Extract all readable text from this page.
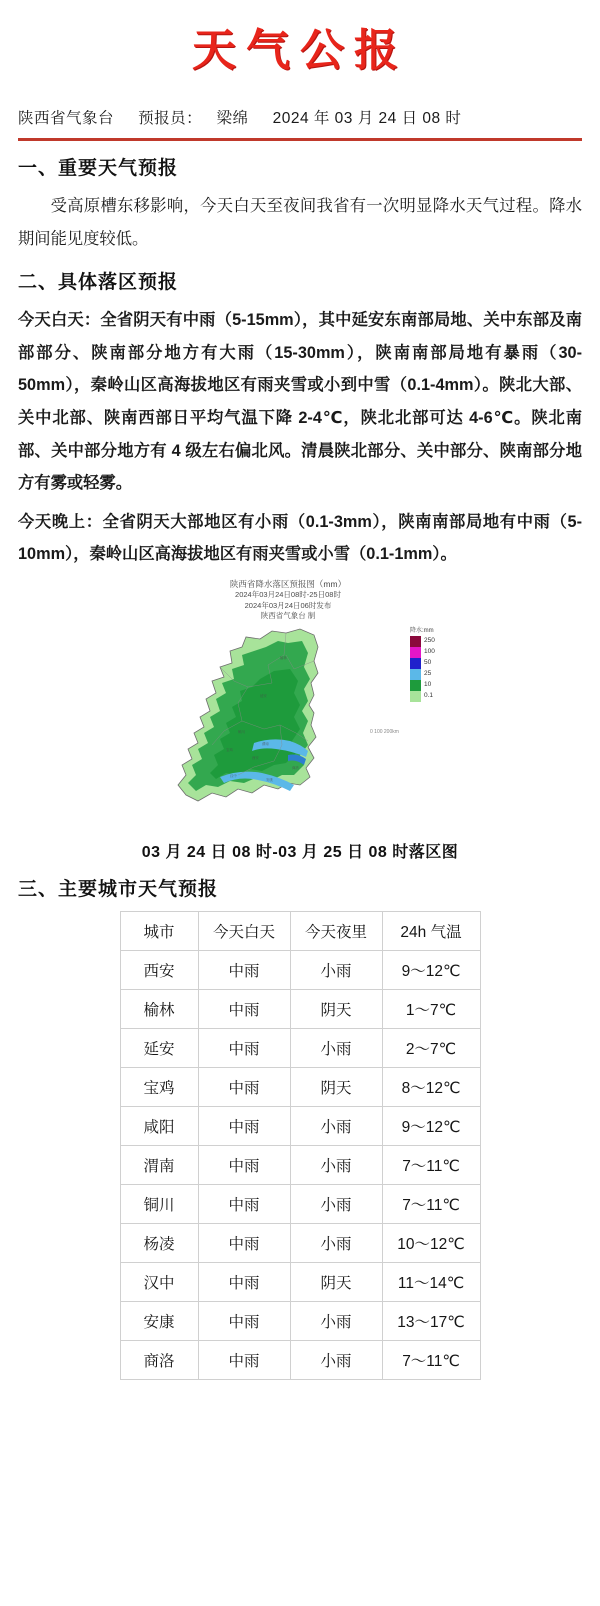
天气公报
陕西省气象台 预报员： 梁绵 2024 年 03 月 24 日 08 时
一、重要天气预报

受高原槽东移影响，今天白天至夜间我省有一次明显降水天气过程。降水期间能见度较低。

二、具体落区预报

今天白天：全省阴天有中雨（5-15mm），其中延安东南部局地、关中东部及南部部分、陕南部分地方有大雨（15-30mm），陕南南部局地有暴雨（30-50mm），秦岭山区高海拔地区有雨夹雪或小到中雪（0.1-4mm）。陕北大部、关中北部、陕南西部日平均气温下降 2-4℃，陕北北部可达 4-6℃。陕北南部、关中部分地方有 4 级左右偏北风。清晨陕北部分、关中部分、陕南部分地方有雾或轻雾。

今天晚上：全省阴天大部地区有小雨（0.1-3mm），陕南南部局地有中雨（5-10mm），秦岭山区高海拔地区有雨夹雪或小雪（0.1-1mm）。

陕西省降水落区预报图（mm）
2024年03月24日08时-25日08时
2024年03月24日06时发布
陕西省气象台 制
榆林
延安
铜川
渭南
宝鸡
西安
汉中
安康
商洛
降水:mm
250
100
50
25
10
0.1
0 100 200km
03 月 24 日 08 时-03 月 25 日 08 时落区图
三、主要城市天气预报
城市	今天白天	今天夜里	24h 气温
西安	中雨	小雨	9～12℃
榆林	中雨	阴天	1～7℃
延安	中雨	小雨	2～7℃
宝鸡	中雨	阴天	8～12℃
咸阳	中雨	小雨	9～12℃
渭南	中雨	小雨	7～11℃
铜川	中雨	小雨	7～11℃
杨凌	中雨	小雨	10～12℃
汉中	中雨	阴天	11～14℃
安康	中雨	小雨	13～17℃
商洛	中雨	小雨	7～11℃
